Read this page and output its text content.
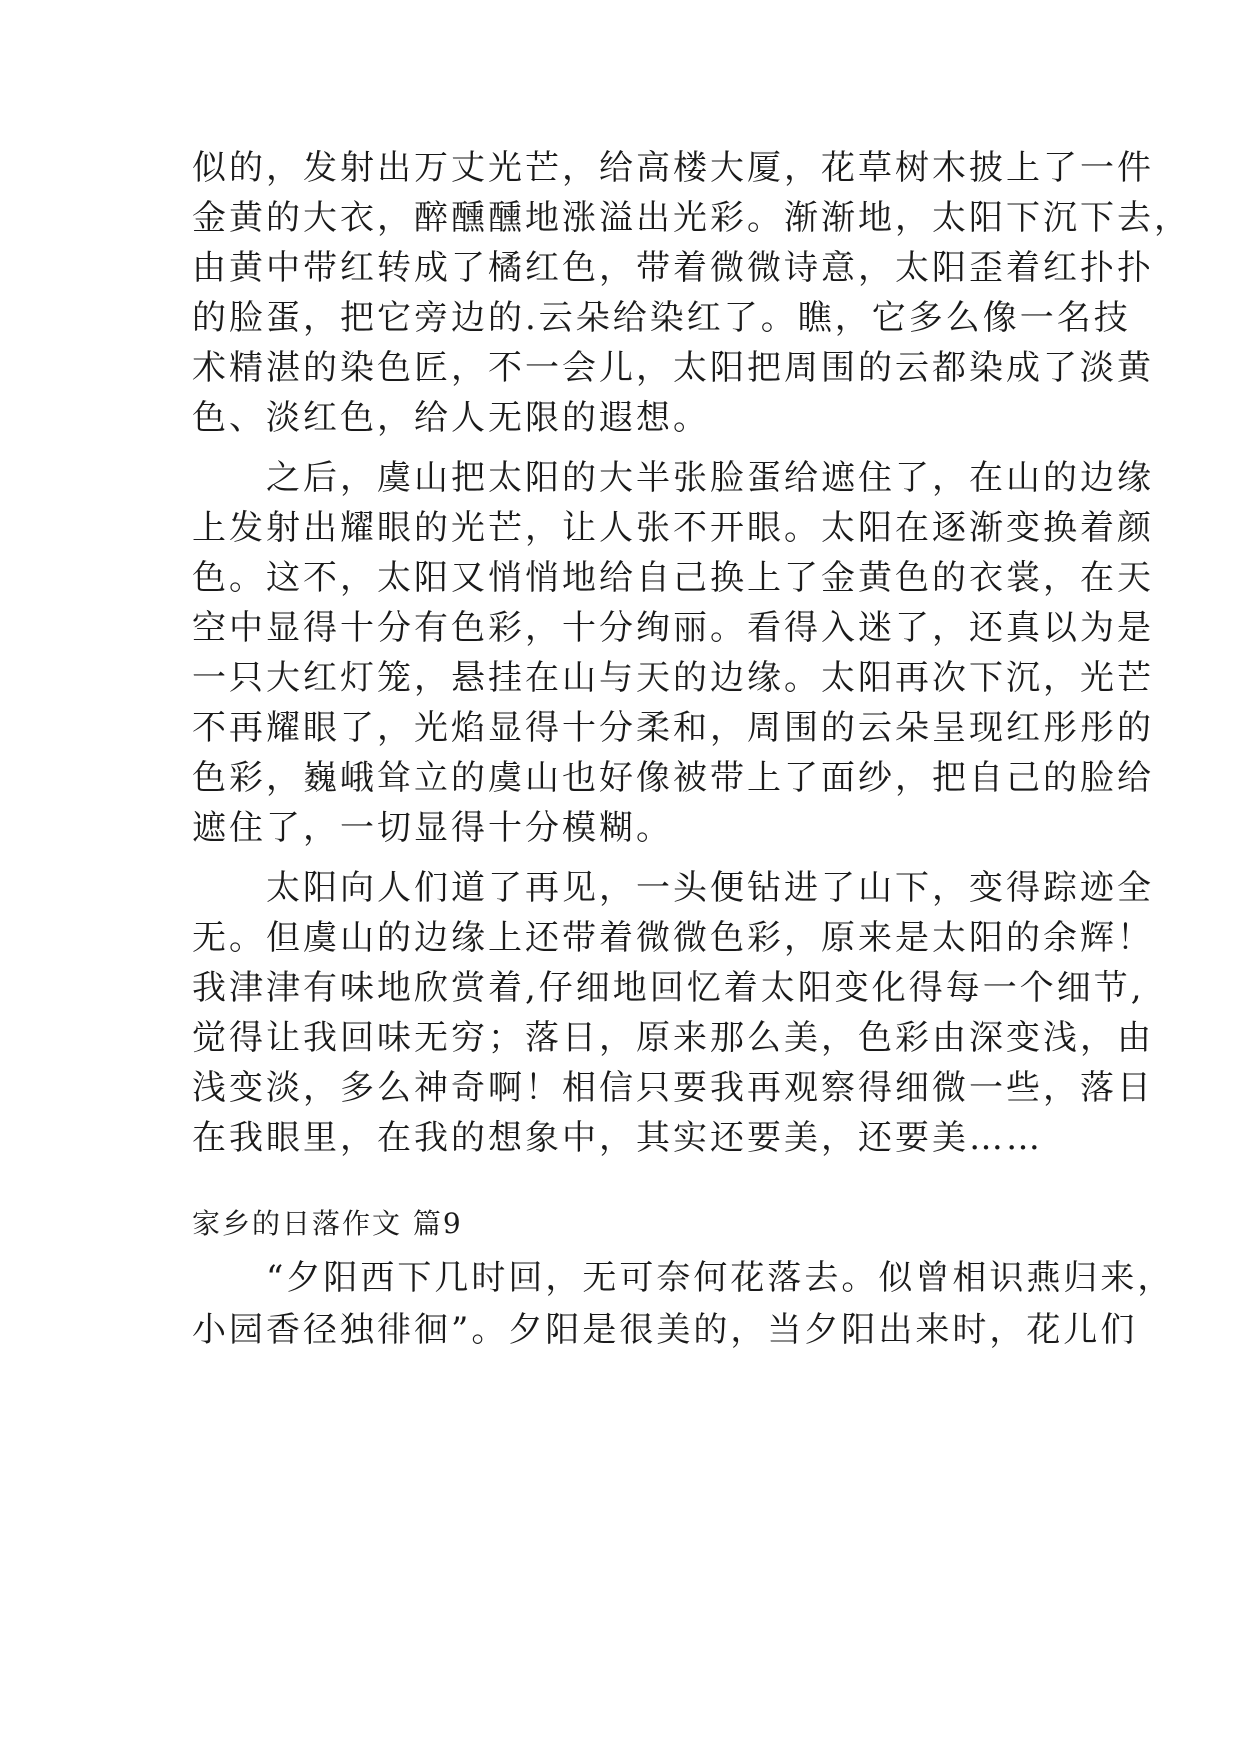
似的，发射出万丈光芒，给高楼大厦，花草树木披上了一件
金黄的大衣，醉醺醺地涨溢出光彩。渐渐地，太阳下沉下去，
由黄中带红转成了橘红色，带着微微诗意，太阳歪着红扑扑
的脸蛋，把它旁边的.云朵给染红了。瞧，它多么像一名技
术精湛的染色匠，不一会儿，太阳把周围的云都染成了淡黄
色、淡红色，给人无限的遐想。
　　之后，虞山把太阳的大半张脸蛋给遮住了，在山的边缘
上发射出耀眼的光芒，让人张不开眼。太阳在逐渐变换着颜
色。这不，太阳又悄悄地给自己换上了金黄色的衣裳，在天
空中显得十分有色彩，十分绚丽。看得入迷了，还真以为是
一只大红灯笼，悬挂在山与天的边缘。太阳再次下沉，光芒
不再耀眼了，光焰显得十分柔和，周围的云朵呈现红彤彤的
色彩，巍峨耸立的虞山也好像被带上了面纱，把自己的脸给
遮住了，一切显得十分模糊。
　　太阳向人们道了再见，一头便钻进了山下，变得踪迹全
无。但虞山的边缘上还带着微微色彩，原来是太阳的余辉！
我津津有味地欣赏着,仔细地回忆着太阳变化得每一个细节,
觉得让我回味无穷；落日，原来那么美，色彩由深变浅，由
浅变淡，多么神奇啊！相信只要我再观察得细微一些，落日
在我眼里，在我的想象中，其实还要美，还要美……
家乡的日落作文 篇9
　　“夕阳西下几时回，无可奈何花落去。似曾相识燕归来，
小园香径独徘徊”。夕阳是很美的，当夕阳出来时，花儿们
